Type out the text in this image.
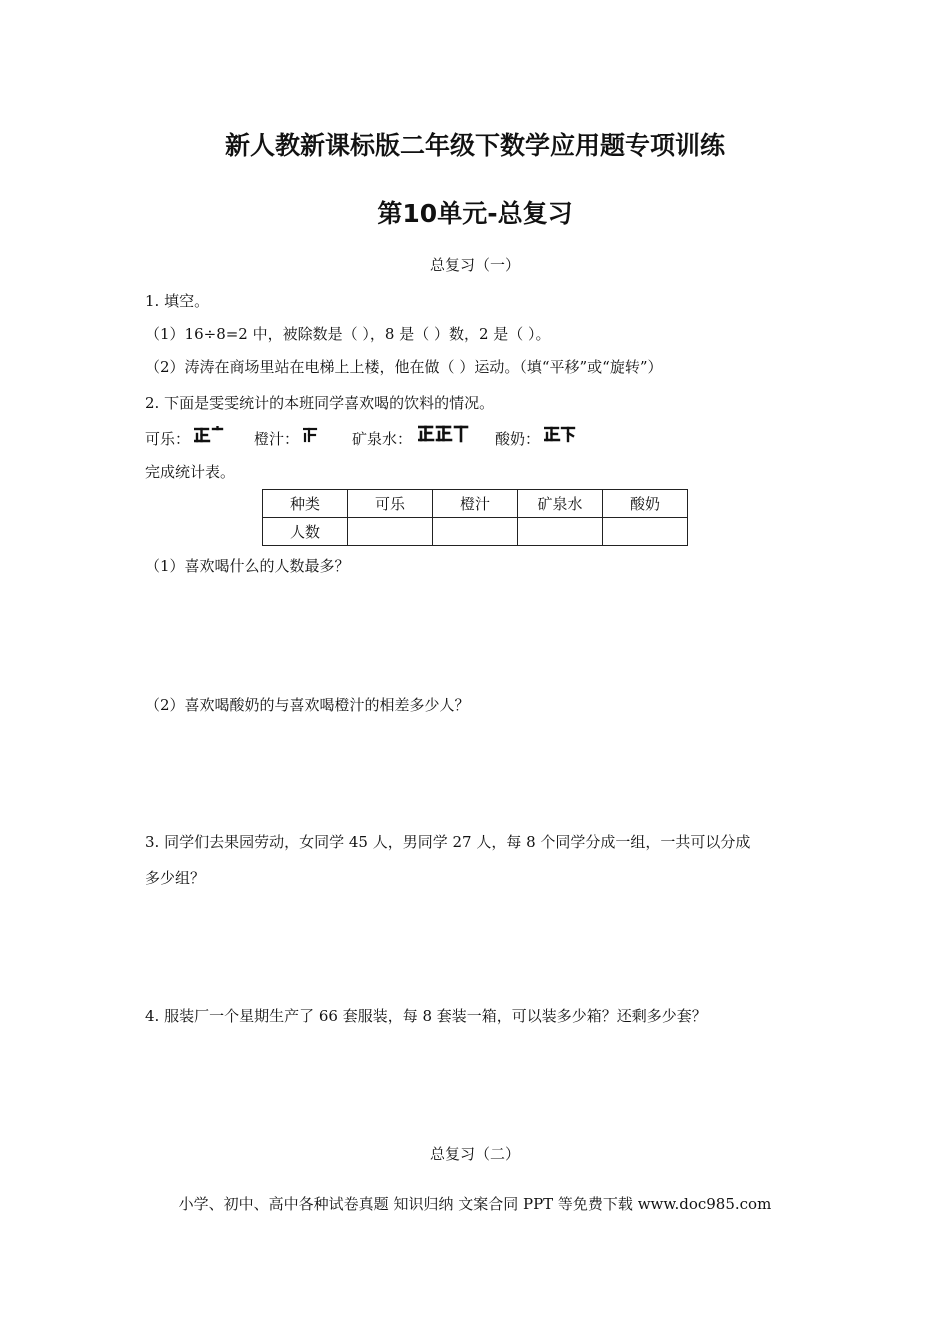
新人教新课标版二年级下数学应用题专项训练
第10单元-总复习
总复习（一）
1. 填空。
（1）16÷8=2 中，被除数是（ ），8 是（ ）数，2 是（ ）。
（2）涛涛在商场里站在电梯上上楼，他在做（ ）运动。（填“平移”或“旋转”）
2. 下面是雯雯统计的本班同学喜欢喝的饮料的情况。
可乐：	橙汁：	矿泉水：	酸奶：
完成统计表。
种类	可乐	橙汁	矿泉水	酸奶
人数				
（1）喜欢喝什么的人数最多？
（2）喜欢喝酸奶的与喜欢喝橙汁的相差多少人？
3. 同学们去果园劳动，女同学 45 人，男同学 27 人，每 8 个同学分成一组，一共可以分成
多少组？
4. 服装厂一个星期生产了 66 套服装，每 8 套装一箱，可以装多少箱？还剩多少套？
总复习（二）
小学、初中、高中各种试卷真题 知识归纳 文案合同 PPT 等免费下载 www.doc985.com
